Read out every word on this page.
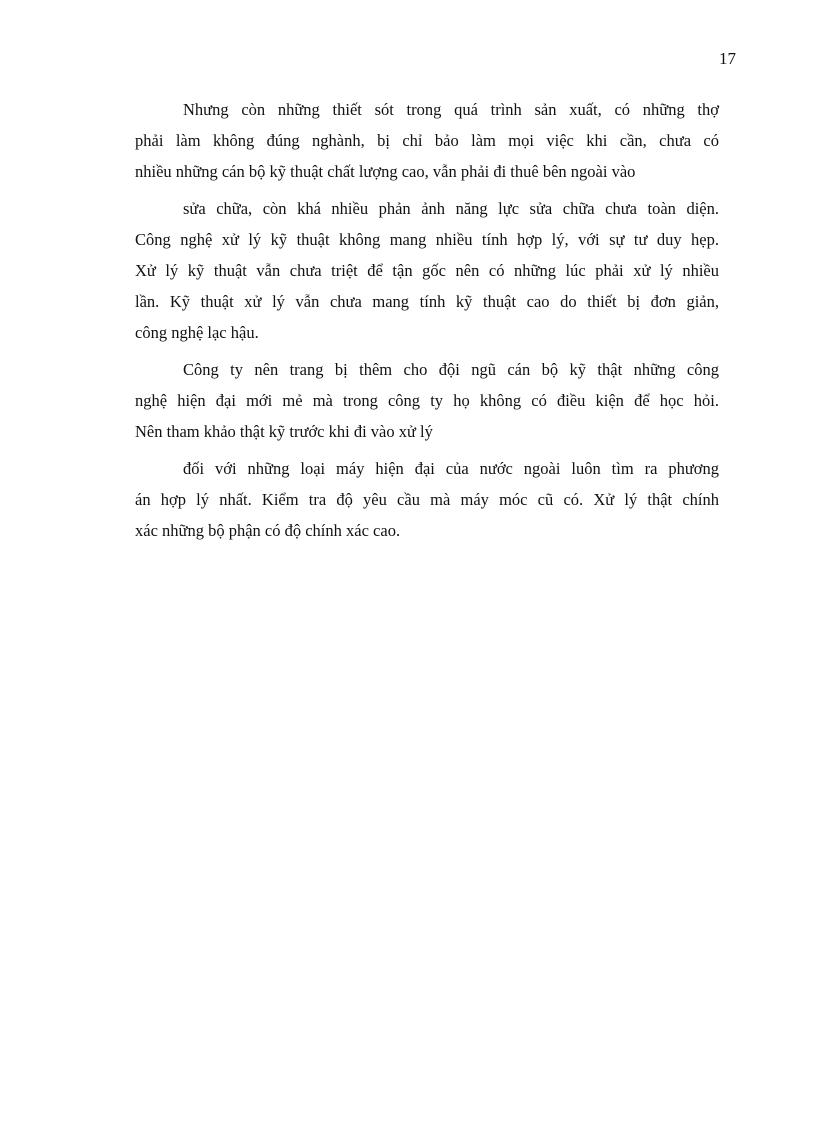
17
Nhưng còn những thiết sót trong quá trình sản xuất, có những thợ
phải làm không đúng nghành, bị chỉ bảo làm mọi việc khi cần, chưa có
nhiều những cán bộ kỹ thuật chất lượng cao, vẫn phải đi thuê bên ngoài vào
sửa chữa, còn khá nhiều phản ảnh năng lực sửa chữa chưa toàn diện.
Công nghệ xử lý kỹ thuật không mang nhiều tính hợp lý, với sự tư duy hẹp.
Xử lý kỹ thuật vẫn chưa triệt để tận gốc nên có những lúc phải xử lý nhiều
lần. Kỹ thuật xử lý vẫn chưa mang tính kỹ thuật cao do thiết bị đơn giản,
công nghệ lạc hậu.
Công ty nên trang bị thêm cho đội ngũ cán bộ kỹ thật những công
nghệ hiện đại mới mẻ mà trong công ty họ không có điều kiện để học hỏi.
Nên tham khảo thật kỹ trước khi đi vào xử lý
đối với những loại máy hiện đại của nước ngoài luôn tìm ra phương
án hợp lý nhất. Kiểm tra độ yêu cầu mà máy móc cũ có. Xử lý thật chính
xác những bộ phận có độ chính xác cao.
